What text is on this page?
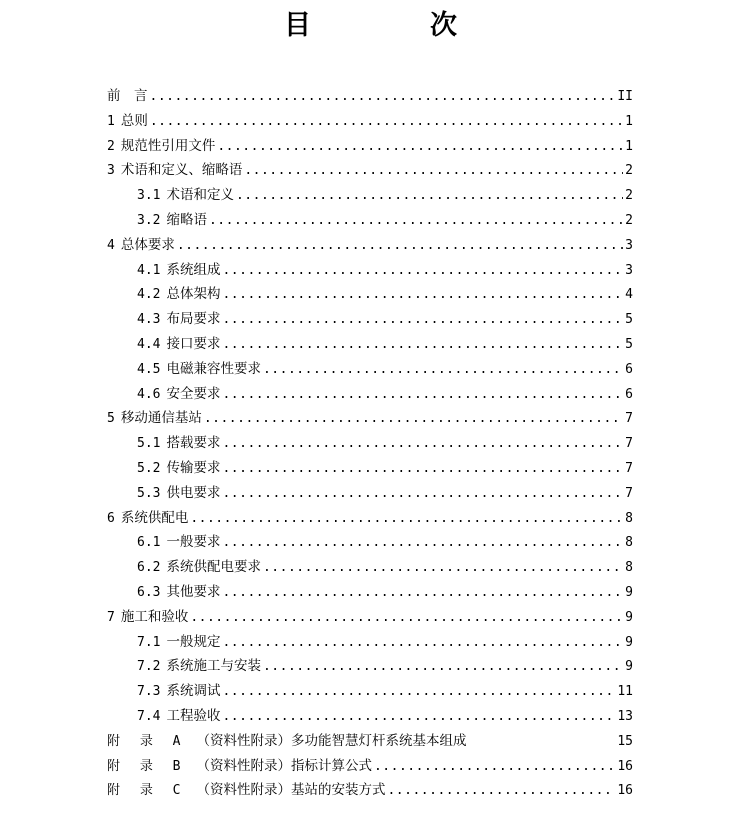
目　次
前　言 .....	II
1 总则 .....	1
2 规范性引用文件 .....	1
3 术语和定义、缩略语 .....	2
3.1 术语和定义 .....	2
3.2 缩略语 .....	2
4 总体要求 .....	3
4.1 系统组成 .....	3
4.2 总体架构 .....	4
4.3 布局要求 .....	5
4.4 接口要求 .....	5
4.5 电磁兼容性要求 .....	6
4.6 安全要求 .....	6
5 移动通信基站 .....	7
5.1 搭载要求 .....	7
5.2 传输要求 .....	7
5.3 供电要求 .....	7
6 系统供配电 .....	8
6.1 一般要求 .....	8
6.2 系统供配电要求 .....	8
6.3 其他要求 .....	9
7 施工和验收 .....	9
7.1 一般规定 .....	9
7.2 系统施工与安装 .....	9
7.3 系统调试 .....	11
7.4 工程验收 .....	13
附 录 A （资料性附录）多功能智慧灯杆系统基本组成	15
附 录 B （资料性附录）指标计算公式 .....	16
附 录 C （资料性附录）基站的安装方式 .....	16
